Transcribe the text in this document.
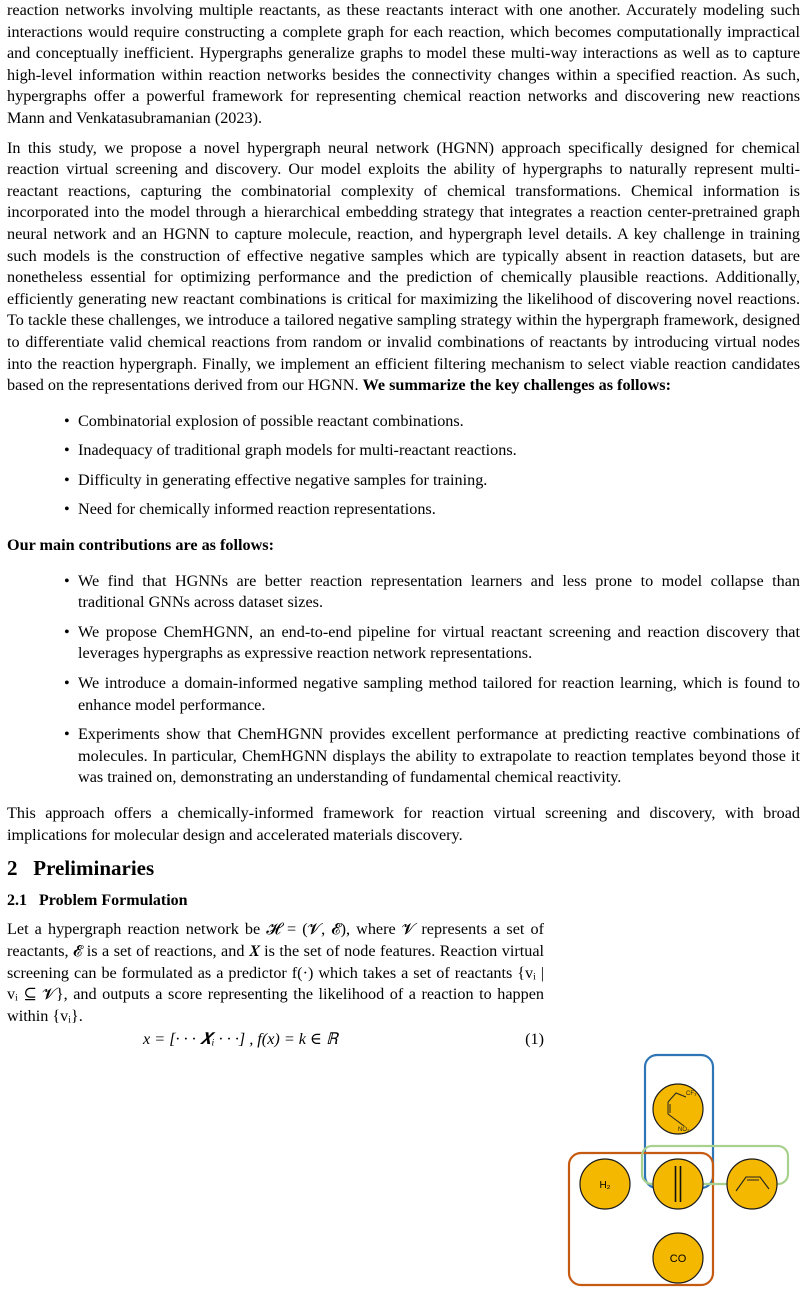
reaction networks involving multiple reactants, as these reactants interact with one another. Accurately modeling such interactions would require constructing a complete graph for each reaction, which becomes computationally impractical and conceptually inefficient. Hypergraphs generalize graphs to model these multi-way interactions as well as to capture high-level information within reaction networks besides the connectivity changes within a specified reaction. As such, hypergraphs offer a powerful framework for representing chemical reaction networks and discovering new reactions Mann and Venkatasubramanian (2023).

In this study, we propose a novel hypergraph neural network (HGNN) approach specifically designed for chemical reaction virtual screening and discovery. Our model exploits the ability of hypergraphs to naturally represent multi-reactant reactions, capturing the combinatorial complexity of chemical transformations. Chemical information is incorporated into the model through a hierarchical embedding strategy that integrates a reaction center-pretrained graph neural network and an HGNN to capture molecule, reaction, and hypergraph level details. A key challenge in training such models is the construction of effective negative samples which are typically absent in reaction datasets, but are nonetheless essential for optimizing performance and the prediction of chemically plausible reactions. Additionally, efficiently generating new reactant combinations is critical for maximizing the likelihood of discovering novel reactions. To tackle these challenges, we introduce a tailored negative sampling strategy within the hypergraph framework, designed to differentiate valid chemical reactions from random or invalid combinations of reactants by introducing virtual nodes into the reaction hypergraph. Finally, we implement an efficient filtering mechanism to select viable reaction candidates based on the representations derived from our HGNN. We summarize the key challenges as follows:

• Combinatorial explosion of possible reactant combinations.
• Inadequacy of traditional graph models for multi-reactant reactions.
• Difficulty in generating effective negative samples for training.
• Need for chemically informed reaction representations.

Our main contributions are as follows:

• We find that HGNNs are better reaction representation learners and less prone to model collapse than traditional GNNs across dataset sizes.
• We propose ChemHGNN, an end-to-end pipeline for virtual reactant screening and reaction discovery that leverages hypergraphs as expressive reaction network representations.
• We introduce a domain-informed negative sampling method tailored for reaction learning, which is found to enhance model performance.
• Experiments show that ChemHGNN provides excellent performance at predicting reactive combinations of molecules. In particular, ChemHGNN displays the ability to extrapolate to reaction templates beyond those it was trained on, demonstrating an understanding of fundamental chemical reactivity.

This approach offers a chemically-informed framework for reaction virtual screening and discovery, with broad implications for molecular design and accelerated materials discovery.

2 Preliminaries
2.1 Problem Formulation

Let a hypergraph reaction network be 𝓗 = (𝓥, 𝓔), where 𝓥 represents a set of reactants, 𝓔 is a set of reactions, and 𝑿 is the set of node features. Reaction virtual screening can be formulated as a predictor f(·) which takes a set of reactants {vᵢ | vᵢ ⊆ 𝓥}, and outputs a score representing the likelihood of a reaction to happen within {vᵢ}.

x = [· · · 𝑿ᵢ · · ·] , f(x) = k ∈ ℝ	(1)
CF₃
NO₂
H₂
CO
